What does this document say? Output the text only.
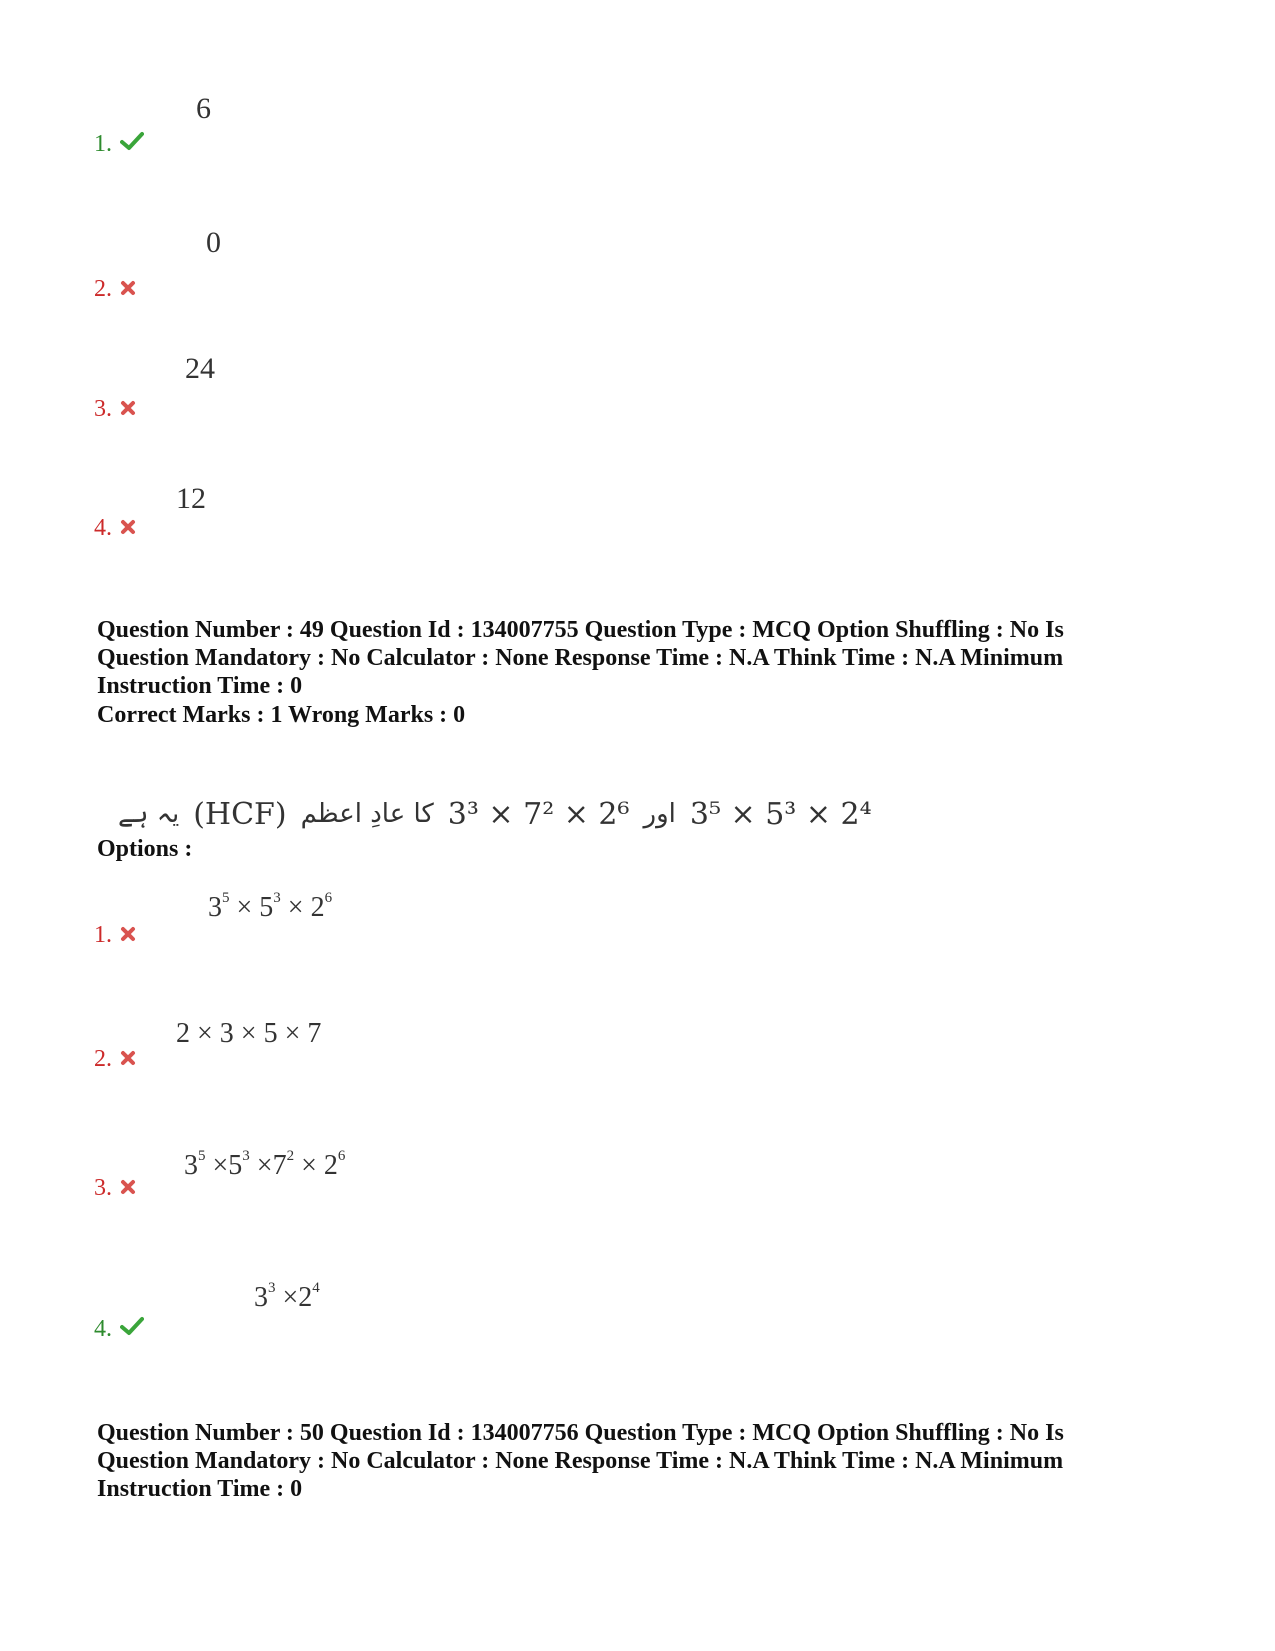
6
1.
0
2.
24
3.
12
4.
Question Number : 49 Question Id : 134007755 Question Type : MCQ Option Shuffling : No Is
Question Mandatory : No Calculator : None Response Time : N.A Think Time : N.A Minimum
Instruction Time : 0
Correct Marks : 1 Wrong Marks : 0
یہ ہے (HCF) کا عادِ اعظم 3³ × 7² × 2⁶ اور 3⁵ × 5³ × 2⁴
Options :
$3^5 \times 5^3 \times 2^6$
1.
2 × 3 × 5 × 7
2.
$3^5 \times 5^3 \times 7^2 \times 2^6$
3.
$3^3 \times 2^4$
4.
Question Number : 50 Question Id : 134007756 Question Type : MCQ Option Shuffling : No Is
Question Mandatory : No Calculator : None Response Time : N.A Think Time : N.A Minimum
Instruction Time : 0
